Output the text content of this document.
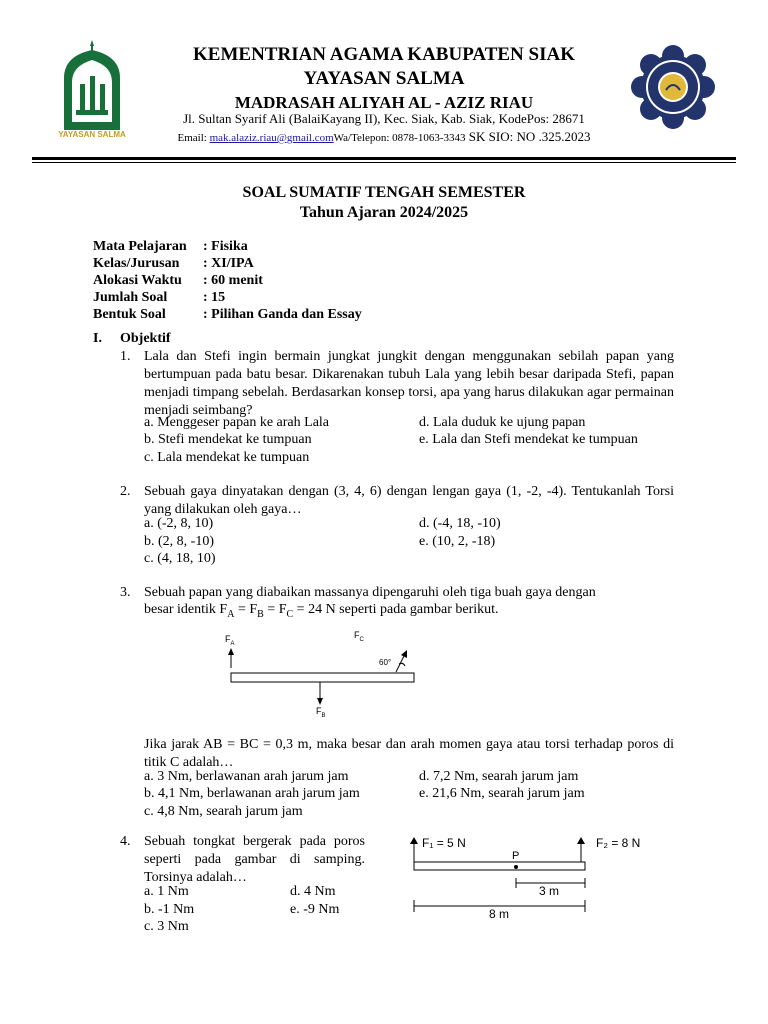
YAYASAN SALMA
KEMENTRIAN AGAMA KABUPATEN SIAK
YAYASAN SALMA
MADRASAH ALIYAH AL - AZIZ RIAU
Jl. Sultan Syarif Ali (BalaiKayang II), Kec. Siak, Kab. Siak, KodePos: 28671
Email: mak.alaziz.riau@gmail.comWa/Telepon: 0878-1063-3343 SK SIO: NO .325.2023
SOAL SUMATIF TENGAH SEMESTER
Tahun Ajaran 2024/2025
Mata Pelajaran : Fisika
Kelas/Jurusan : XI/IPA
Alokasi Waktu : 60 menit
Jumlah Soal	: 15
Bentuk Soal	: Pilihan Ganda dan Essay
I. Objektif
1. Lala dan Stefi ingin bermain jungkat jungkit dengan menggunakan sebilah papan yang bertumpuan pada batu besar. Dikarenakan tubuh Lala yang lebih besar daripada Stefi, papan menjadi timpang sebelah. Berdasarkan konsep torsi, apa yang harus dilakukan agar permainan menjadi seimbang?
a. Menggeser papan ke arah Lala
b. Stefi mendekat ke tumpuan
c. Lala mendekat ke tumpuan
d. Lala duduk ke ujung papan
e. Lala dan Stefi mendekat ke tumpuan
2. Sebuah gaya dinyatakan dengan (3, 4, 6) dengan lengan gaya (1, -2, -4). Tentukanlah Torsi yang dilakukan oleh gaya…
a. (-2, 8, 10)
b. (2, 8, -10)
c. (4, 18, 10)
d. (-4, 18, -10)
e. (10, 2, -18)
3. Sebuah papan yang diabaikan massanya dipengaruhi oleh tiga buah gaya dengan
besar identik $F_A = F_B = F_C = 24$ N seperti pada gambar berikut.
$F_A$
$F_C$
$F_B$
60°
Jika jarak AB = BC = 0,3 m, maka besar dan arah momen gaya atau torsi terhadap poros di titik C adalah…
a. 3 Nm, berlawanan arah jarum jam
b. 4,1 Nm, berlawanan arah jarum jam
c. 4,8 Nm, searah jarum jam
d. 7,2 Nm, searah jarum jam
e. 21,6 Nm, searah jarum jam
4. Sebuah tongkat bergerak pada poros seperti pada gambar di samping. Torsinya adalah…
a. 1 Nm
b. -1 Nm
c. 3 Nm
d. 4 Nm
e. -9 Nm
F₁ = 5 N	F₂ = 8 N
P
3 m
8 m
